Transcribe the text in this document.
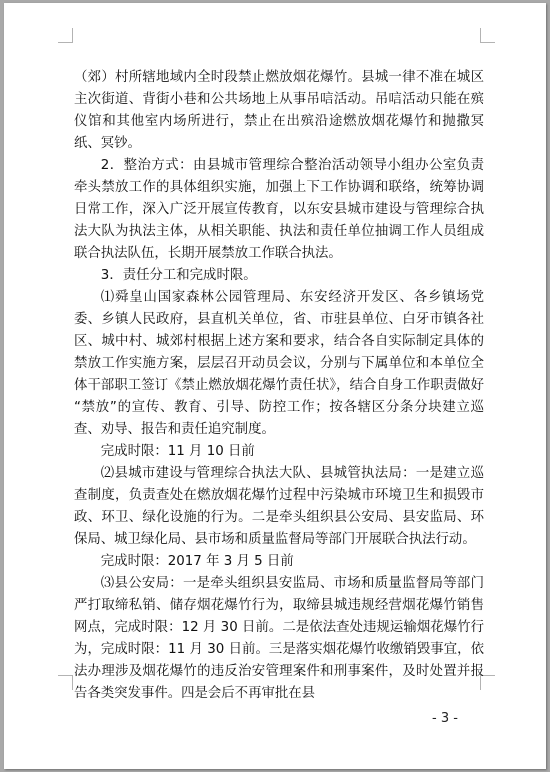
（郊）村所辖地域内全时段禁止燃放烟花爆竹。县城一律不准在城区主次街道、背街小巷和公共场地上从事吊唁活动。吊唁活动只能在殡仪馆和其他室内场所进行，禁止在出殡沿途燃放烟花爆竹和抛撒冥纸、冥钞。

2．整治方式：由县城市管理综合整治活动领导小组办公室负责牵头禁放工作的具体组织实施，加强上下工作协调和联络，统筹协调日常工作，深入广泛开展宣传教育，以东安县城市建设与管理综合执法大队为执法主体，从相关职能、执法和责任单位抽调工作人员组成联合执法队伍，长期开展禁放工作联合执法。

3．责任分工和完成时限。

⑴舜皇山国家森林公园管理局、东安经济开发区、各乡镇场党委、乡镇人民政府，县直机关单位，省、市驻县单位、白牙市镇各社区、城中村、城郊村根据上述方案和要求，结合各自实际制定具体的禁放工作实施方案，层层召开动员会议，分别与下属单位和本单位全体干部职工签订《禁止燃放烟花爆竹责任状》，结合自身工作职责做好 “禁放”的宣传、教育、引导、防控工作；按各辖区分条分块建立巡查、劝导、报告和责任追究制度。

完成时限：11 月 10 日前

⑵县城市建设与管理综合执法大队、县城管执法局：一是建立巡查制度，负责查处在燃放烟花爆竹过程中污染城市环境卫生和损毁市政、环卫、绿化设施的行为。二是牵头组织县公安局、县安监局、环保局、城卫绿化局、县市场和质量监督局等部门开展联合执法行动。

完成时限：2017 年 3 月 5 日前

⑶县公安局：一是牵头组织县安监局、市场和质量监督局等部门严打取缔私销、储存烟花爆竹行为，取缔县城违规经营烟花爆竹销售网点，完成时限：12 月 30 日前。二是依法查处违规运输烟花爆竹行为，完成时限：11 月 30 日前。三是落实烟花爆竹收缴销毁事宜，依法办理涉及烟花爆竹的违反治安管理案件和刑事案件，及时处置并报告各类突发事件。四是会后不再审批在县

- 3 -
